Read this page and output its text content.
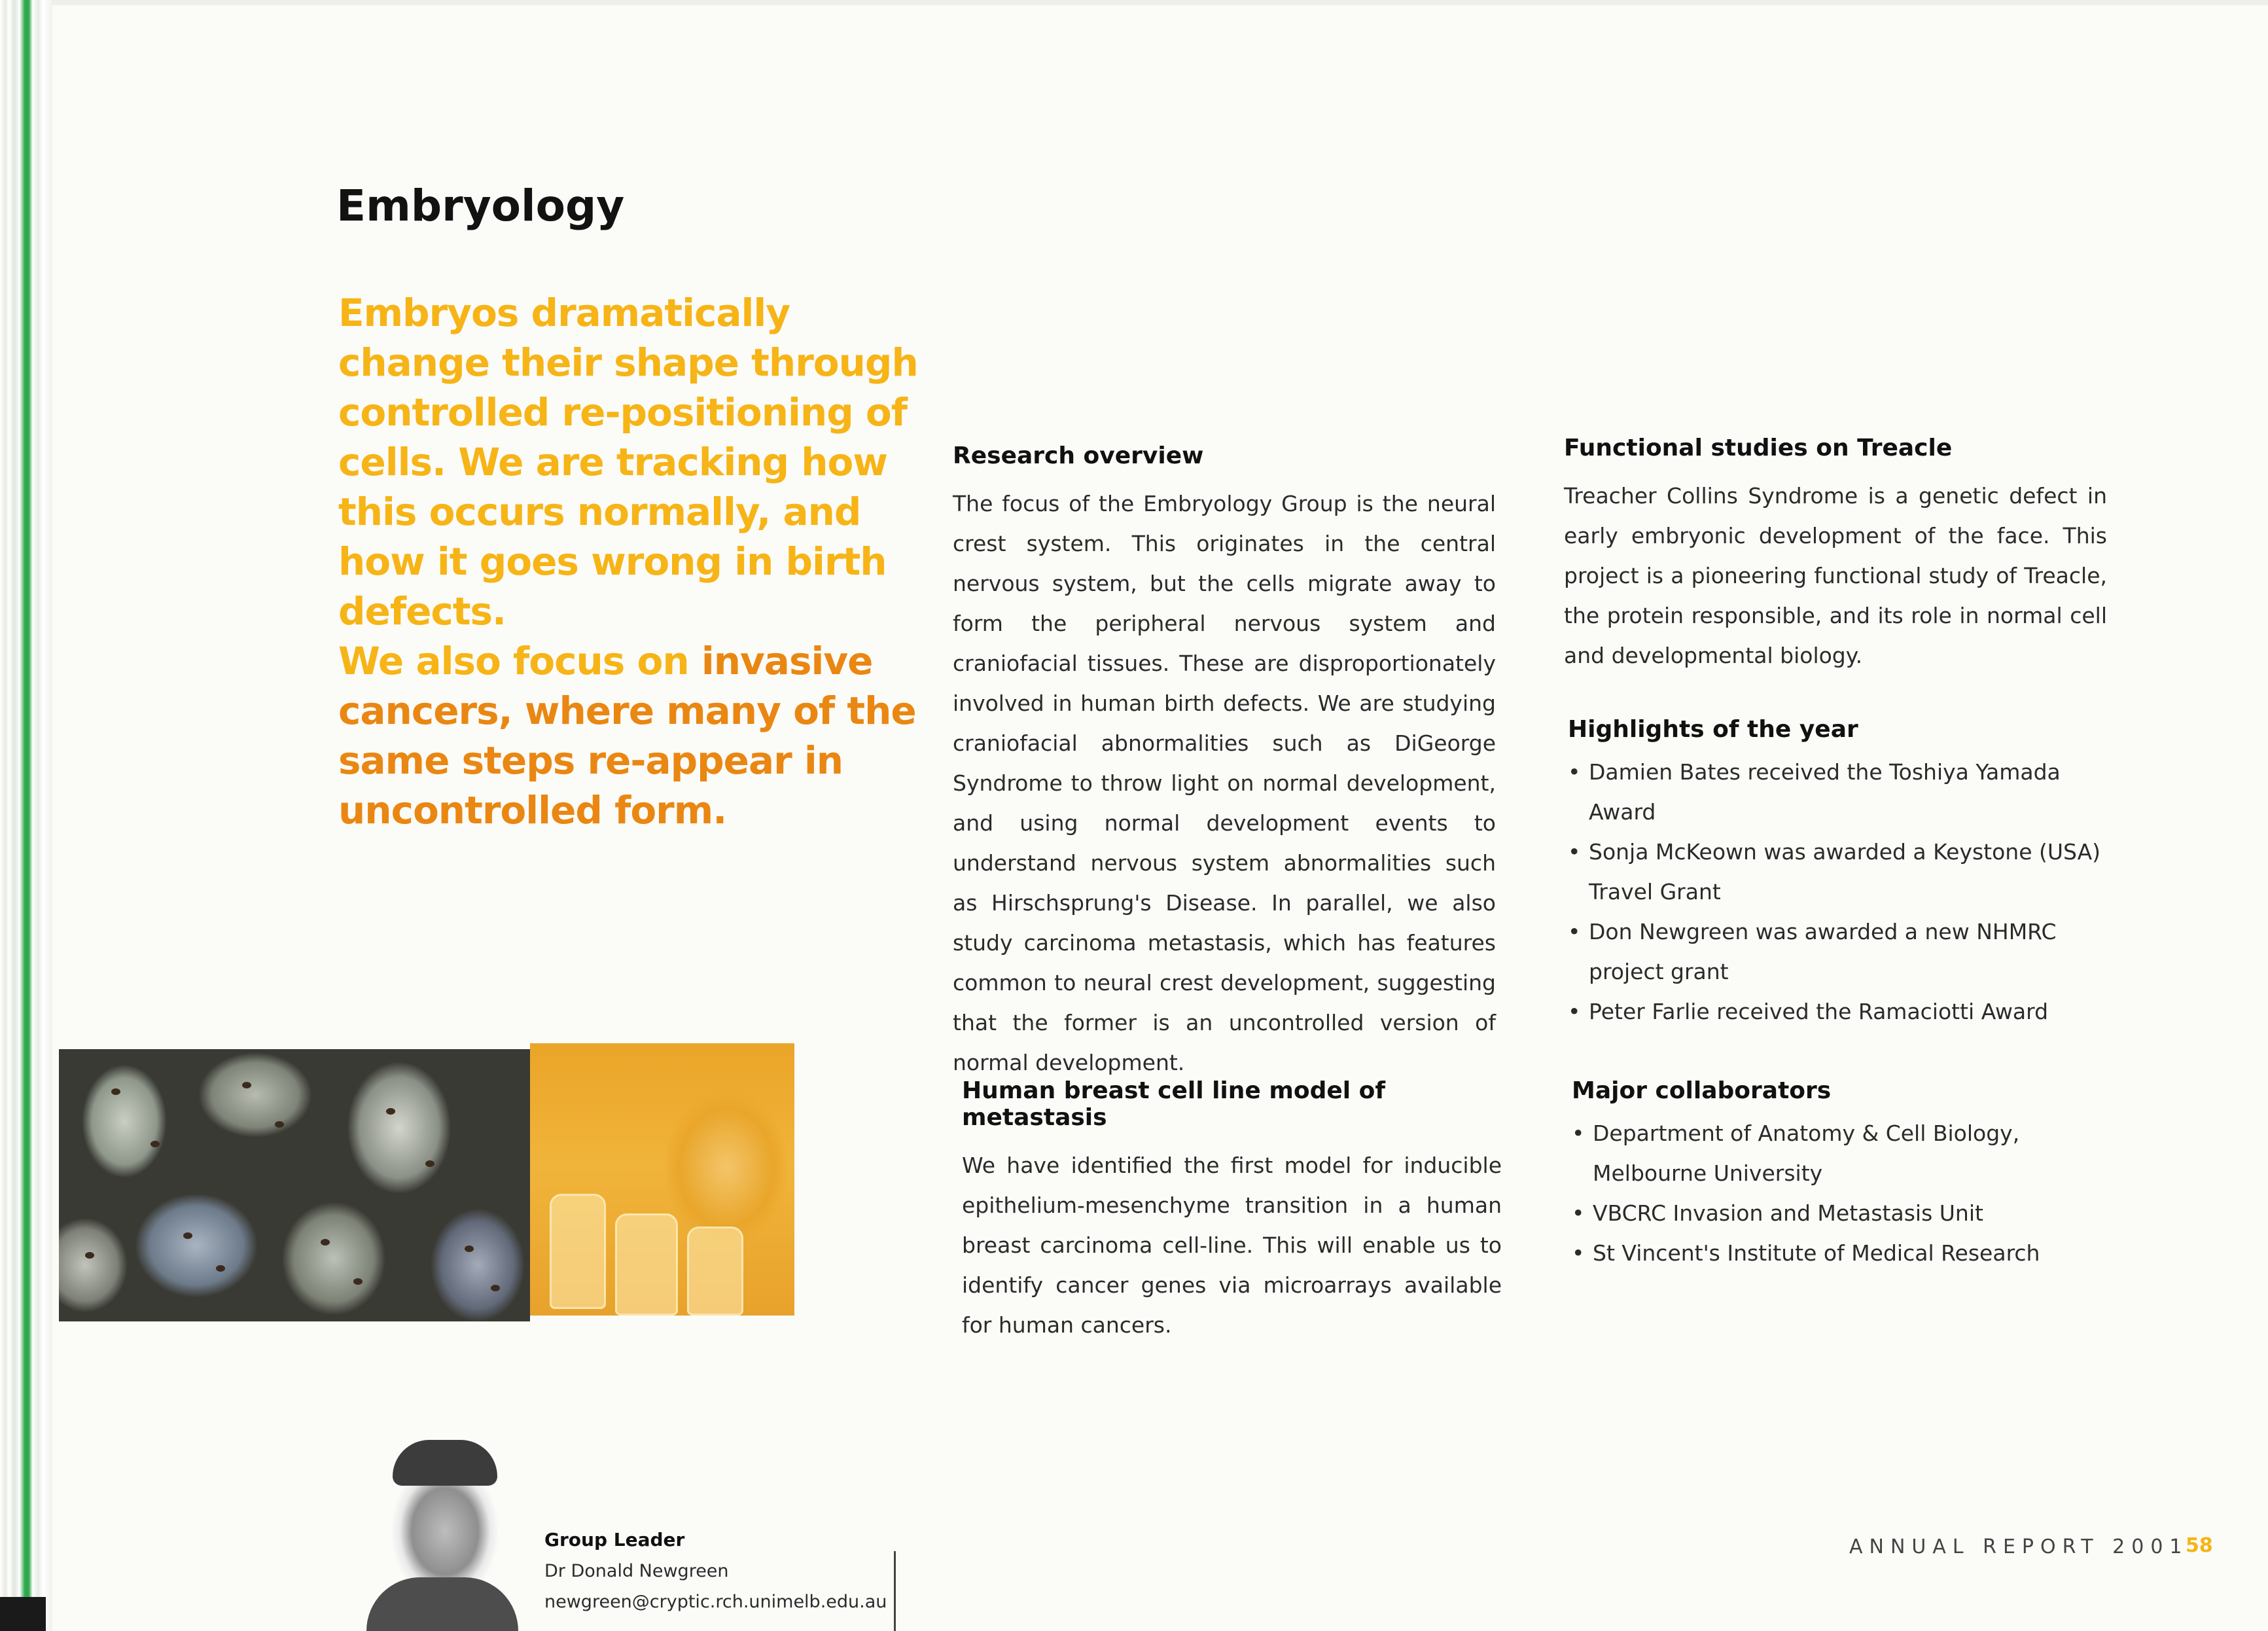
Embryology
Embryos dramatically change their shape through controlled re-positioning of cells. We are tracking how this occurs normally, and how it goes wrong in birth defects.
We also focus on invasive cancers, where many of the same steps re-appear in uncontrolled form.
Research overview

The focus of the Embryology Group is the neural crest system. This originates in the central nervous system, but the cells migrate away to form the peripheral nervous system and craniofacial tissues. These are disproportionately involved in human birth defects. We are studying craniofacial abnormalities such as DiGeorge Syndrome to throw light on normal development, and using normal development events to understand nervous system abnormalities such as Hirschsprung's Disease. In parallel, we also study carcinoma metastasis, which has features common to neural crest development, suggesting that the former is an uncontrolled version of normal development.

Human breast cell line model of metastasis

We have identified the first model for inducible epithelium-mesenchyme transition in a human breast carcinoma cell-line. This will enable us to identify cancer genes via microarrays available for human cancers.

Functional studies on Treacle

Treacher Collins Syndrome is a genetic defect in early embryonic development of the face. This project is a pioneering functional study of Treacle, the protein responsible, and its role in normal cell and developmental biology.

Highlights of the year
• Damien Bates received the Toshiya Yamada Award
• Sonja McKeown was awarded a Keystone (USA) Travel Grant
• Don Newgreen was awarded a new NHMRC project grant
• Peter Farlie received the Ramaciotti Award
Major collaborators
• Department of Anatomy & Cell Biology, Melbourne University
• VBCRC Invasion and Metastasis Unit
• St Vincent's Institute of Medical Research
Group Leader
Dr Donald Newgreen
newgreen@cryptic.rch.unimelb.edu.au
ANNUAL REPORT 2001
58
